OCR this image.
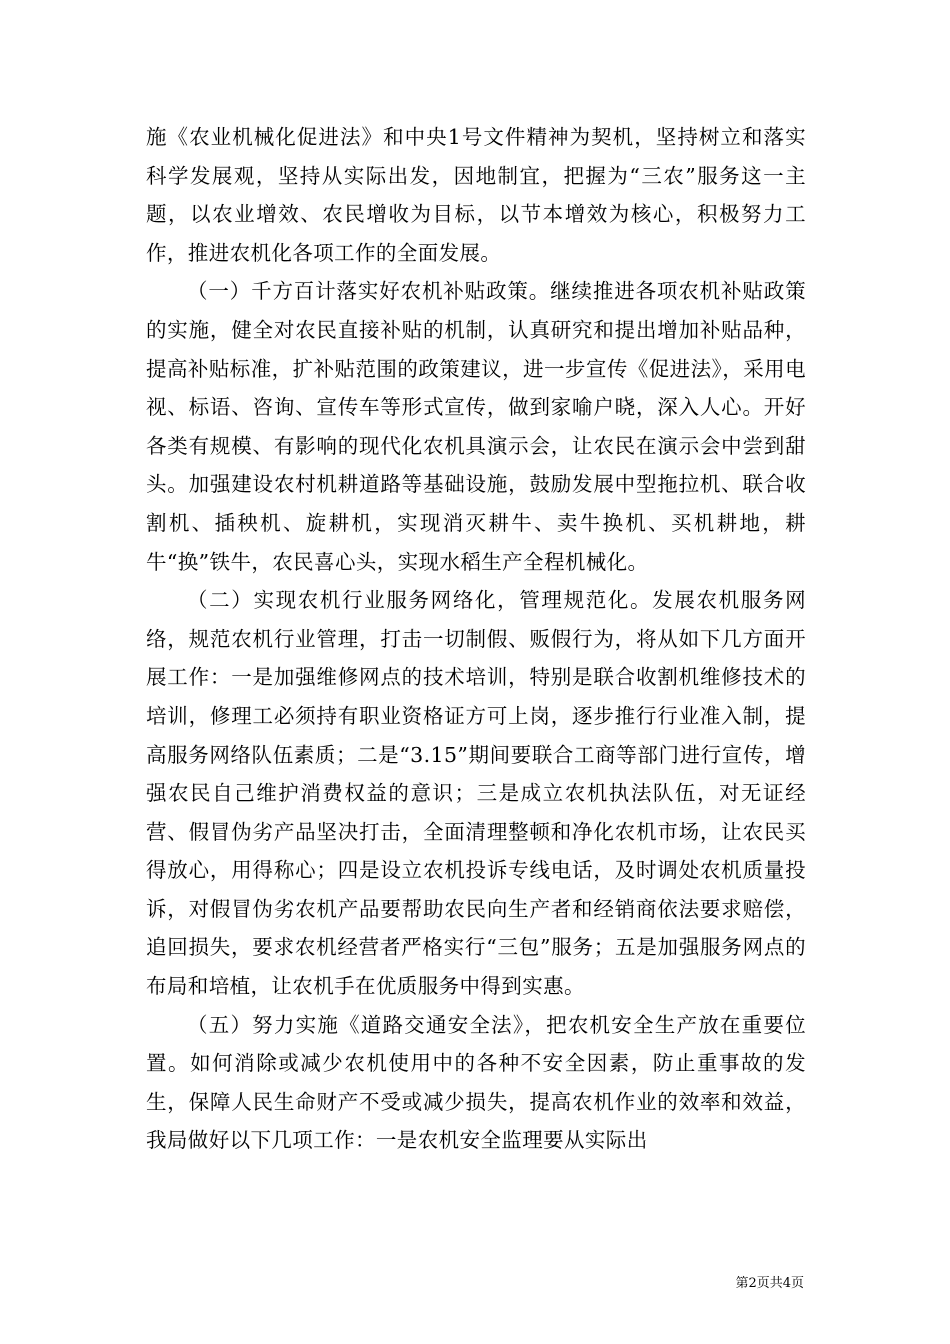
施《农业机械化促进法》和中央1号文件精神为契机，坚持树立和落实科学发展观，坚持从实际出发，因地制宜，把握为“三农”服务这一主题，以农业增效、农民增收为目标，以节本增效为核心，积极努力工作，推进农机化各项工作的全面发展。

（一）千方百计落实好农机补贴政策。继续推进各项农机补贴政策的实施，健全对农民直接补贴的机制，认真研究和提出增加补贴品种，提高补贴标准，扩补贴范围的政策建议，进一步宣传《促进法》，采用电视、标语、咨询、宣传车等形式宣传，做到家喻户晓，深入人心。开好各类有规模、有影响的现代化农机具演示会，让农民在演示会中尝到甜头。加强建设农村机耕道路等基础设施，鼓励发展中型拖拉机、联合收割机、插秧机、旋耕机，实现消灭耕牛、卖牛换机、买机耕地，耕牛“换”铁牛，农民喜心头，实现水稻生产全程机械化。

（二）实现农机行业服务网络化，管理规范化。发展农机服务网络，规范农机行业管理，打击一切制假、贩假行为，将从如下几方面开展工作：一是加强维修网点的技术培训，特别是联合收割机维修技术的培训，修理工必须持有职业资格证方可上岗，逐步推行行业准入制，提高服务网络队伍素质；二是“3.15”期间要联合工商等部门进行宣传，增强农民自己维护消费权益的意识；三是成立农机执法队伍，对无证经营、假冒伪劣产品坚决打击，全面清理整顿和净化农机市场，让农民买得放心，用得称心；四是设立农机投诉专线电话，及时调处农机质量投诉，对假冒伪劣农机产品要帮助农民向生产者和经销商依法要求赔偿，追回损失，要求农机经营者严格实行“三包”服务；五是加强服务网点的布局和培植，让农机手在优质服务中得到实惠。

（五）努力实施《道路交通安全法》，把农机安全生产放在重要位置。如何消除或减少农机使用中的各种不安全因素，防止重事故的发生，保障人民生命财产不受或减少损失，提高农机作业的效率和效益，我局做好以下几项工作：一是农机安全监理要从实际出

第2页共4页
